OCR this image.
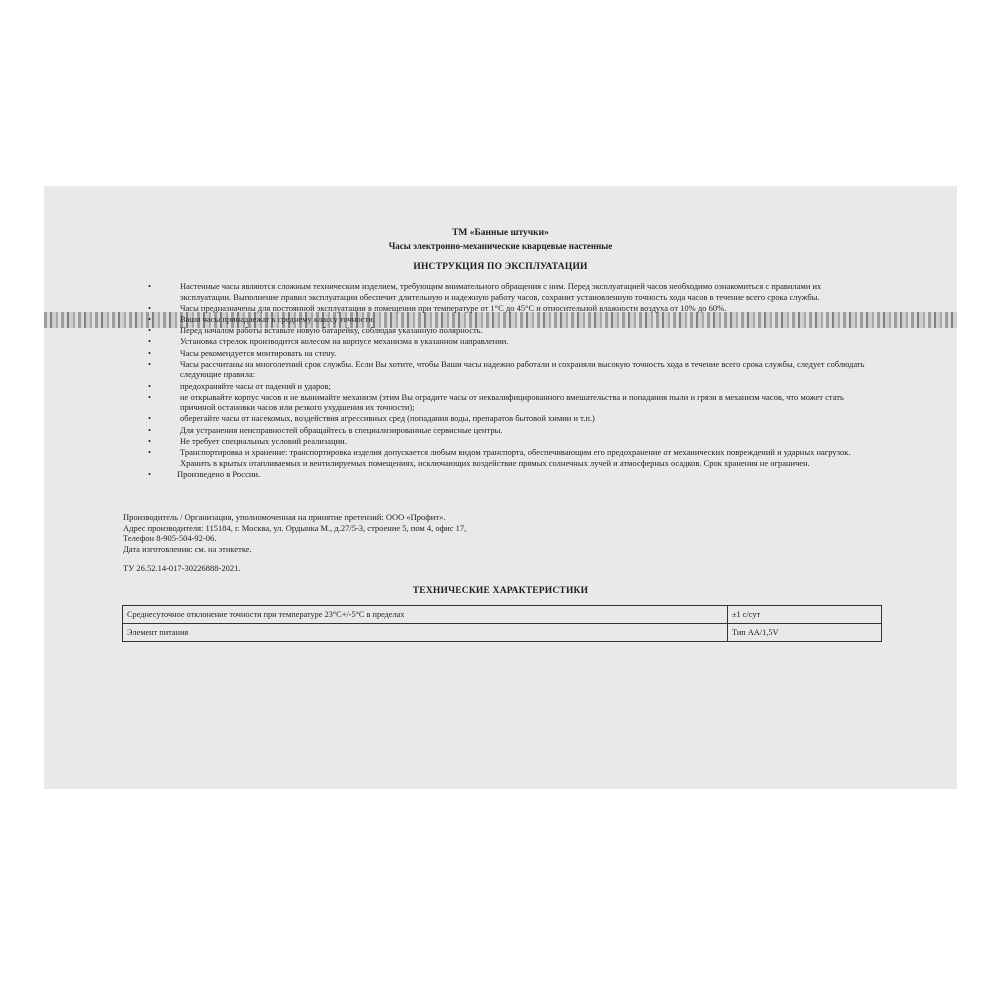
ТМ «Банные штучки»
Часы электронно-механические кварцевые настенные
ИНСТРУКЦИЯ ПО ЭКСПЛУАТАЦИИ
•	Настенные часы являются сложным техническим изделием, требующим внимательного обращения с ним. Перед эксплуатацией часов необходимо ознакомиться с правилами их эксплуатации. Выполнение правил эксплуатации обеспечит длительную и надежную работу часов, сохранит установленную точность хода часов в течение всего срока службы.
•	Часы предназначены для постоянной эксплуатации в помещении при температуре от 1°C до 45°C и относительной влажности воздуха от 10% до 60%.
•	Ваши часы принадлежат к среднему классу точности.
•	Перед началом работы вставьте новую батарейку, соблюдая указанную полярность.
•	Установка стрелок производится колесом на корпусе механизма в указанном направлении.
•	Часы рекомендуется монтировать на стену.
•	Часы рассчитаны на многолетний срок службы. Если Вы хотите, чтобы Ваши часы надежно работали и сохраняли высокую точность хода в течение всего срока службы, следует соблюдать следующие правила:
•	предохраняйте часы от падений и ударов;
•	не открывайте корпус часов и не вынимайте механизм (этим Вы оградите часы от неквалифицированного вмешательства и попадания пыли и грязи в механизм часов, что может стать причиной остановки часов или резкого ухудшения их точности);
•	оберегайте часы от насекомых, воздействия агрессивных сред (попадания воды, препаратов бытовой химии и т.п.)
•	Для устранения неисправностей обращайтесь в специализированные сервисные центры.
•	Не требует специальных условий реализации.
•	Транспортировка и хранение: транспортировка изделия допускается любым видом транспорта, обеспечивающим его предохранение от механических повреждений и ударных нагрузок. Хранить в крытых отапливаемых и вентилируемых помещениях, исключающих воздействие прямых солнечных лучей и атмосферных осадков. Срок хранения не ограничен.
•	Произведено в России.
Производитель / Организация, уполномоченная на принятие претензий: ООО «Профит».
Адрес производителя: 115184, г. Москва, ул. Ордынка М., д.27/5-3, строение 5, пом 4, офис 17,
Телефон 8-905-504-92-06.
Дата изготовления: см. на этикетке.
ТУ 26.52.14-017-30226888-2021.
ТЕХНИЧЕСКИЕ ХАРАКТЕРИСТИКИ
Среднесуточное отклонение точности при температуре 23°C+/-5°C в пределах	±1 с/сут
Элемент питания	Тип АА/1,5V
